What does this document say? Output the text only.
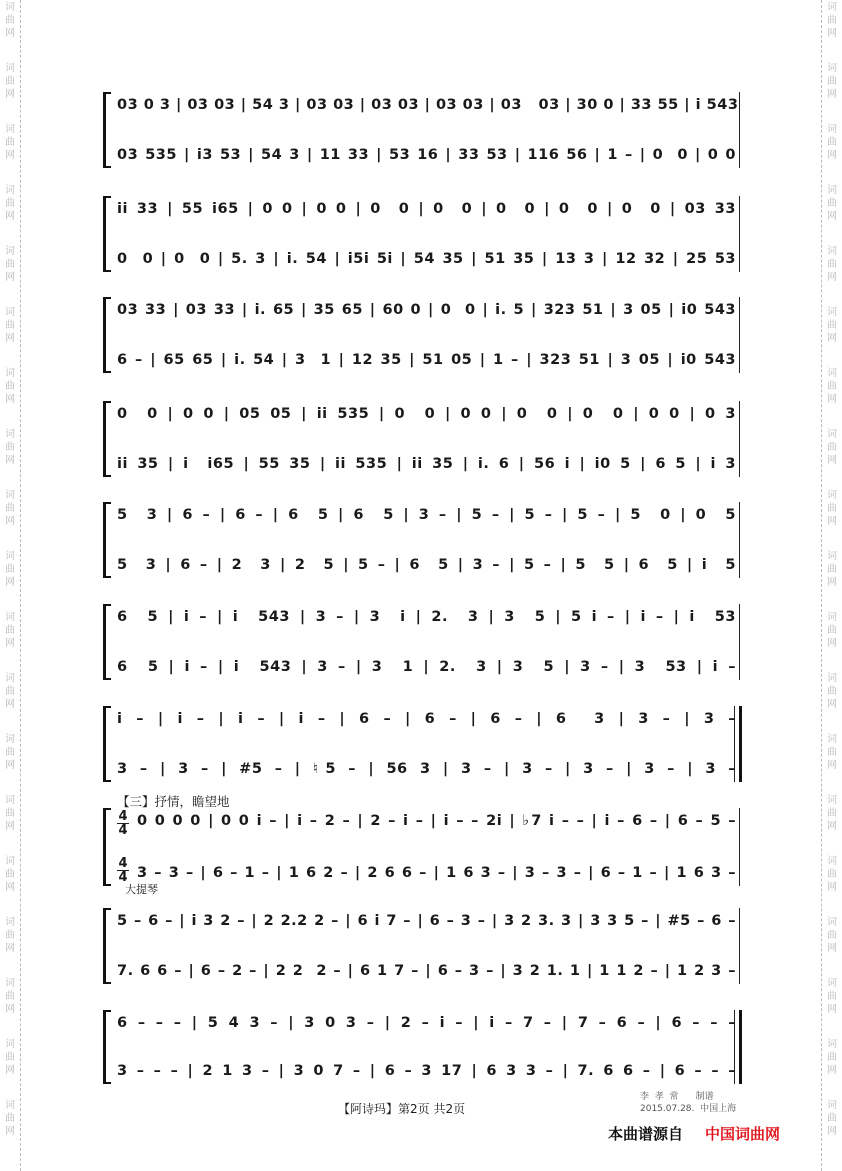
词
曲
网
词
曲
网
词
曲
网
词
曲
网
词
曲
网
词
曲
网
词
曲
网
词
曲
网
词
曲
网
词
曲
网
词
曲
网
词
曲
网
词
曲
网
词
曲
网
词
曲
网
词
曲
网
词
曲
网
词
曲
网
词
曲
网
词
曲
网
词
曲
网
词
曲
网
词
曲
网
词
曲
网
词
曲
网
词
曲
网
词
曲
网
词
曲
网
词
曲
网
词
曲
网
词
曲
网
词
曲
网
词
曲
网
词
曲
网
词
曲
网
词
曲
网
词
曲
网
词
曲
网
03 0 3 | 03 03 | 54 3 | 03 03 | 03 03 | 03 03 | 03   03 | 30 0 | 33 55 | i 543
03 535 | i3 53 | 54 3 | 11 33 | 53 16 | 33 53 | 116 56 | 1 – | 0  0 | 0 0
ii 33 | 55 i65 | 0 0 | 0 0 | 0  0 | 0  0 | 0  0 | 0  0 | 0  0 | 03 33
0  0 | 0  0 | 5. 3 | i. 54 | i5i 5i | 54 35 | 51 35 | 13 3 | 12 32 | 25 53
03 33 | 03 33 | i. 65 | 35 65 | 60 0 | 0  0 | i. 5 | 323 51 | 3 05 | i0 543
6 – | 65 65 | i. 54 | 3  1 | 12 35 | 51 05 | 1 – | 323 51 | 3 05 | i0 543
0  0 | 0 0 | 05 05 | ii 535 | 0  0 | 0 0 | 0  0 | 0  0 | 0 0 | 0 3
ii 35 | i  i65 | 55 35 | ii 535 | ii 35 | i. 6 | 56 i | i0 5 | 6 5 | i 3
5  3 | 6 – | 6 – | 6  5 | 6  5 | 3 – | 5 – | 5 – | 5 – | 5  0 | 0  5
5  3 | 6 – | 2  3 | 2  5 | 5 – | 6  5 | 3 – | 5 – | 5  5 | 6  5 | i  5
6  5 | i – | i  543 | 3 – | 3  i | 2.  3 | 3  5 | 5 i – | i – | i  53
6  5 | i – | i  543 | 3 – | 3  1 | 2.  3 | 3  5 | 3 – | 3  53 | i –
i – | i – | i – | i – | 6 – | 6 – | 6 – | 6  3 | 3 – | 3 –
3 – | 3 – | #5 – | ♮5 – | 56 3 | 3 – | 3 – | 3 – | 3 – | 3 –
0 0 0 0 | 0 0 i – | i – 2 – | 2 – i – | i – – 2i | ♭7 i – – | i – 6 – | 6 – 5 –
3 – 3 – | 6 – 1 – | 1 6 2 – | 2 6 6 – | 1 6 3 – | 3 – 3 – | 6 – 1 – | 1 6 3 –
4
4
4
4
5 – 6 – | i 3 2 – | 2 2.2 2 – | 6 i 7 – | 6 – 3 – | 3 2 3. 3 | 3 3 5 – | #5 – 6 –
7. 6 6 – | 6 – 2 – | 2 2  2 – | 6 1 7 – | 6 – 3 – | 3 2 1. 1 | 1 1 2 – | 1 2 3 –
6 – – – | 5 4 3 – | 3 0 3 – | 2 – i – | i – 7 – | 7 – 6 – | 6 – – –
3 – – – | 2 1 3 – | 3 0 7 – | 6 – 3 17 | 6 3 3 – | 7. 6 6 – | 6 – – –
【三】抒情，瞻望地
大提琴
【阿诗玛】第2页 共2页
李  孝  常      制谱
2015.07.28.  中国上海
本曲谱源自 中国词曲网
